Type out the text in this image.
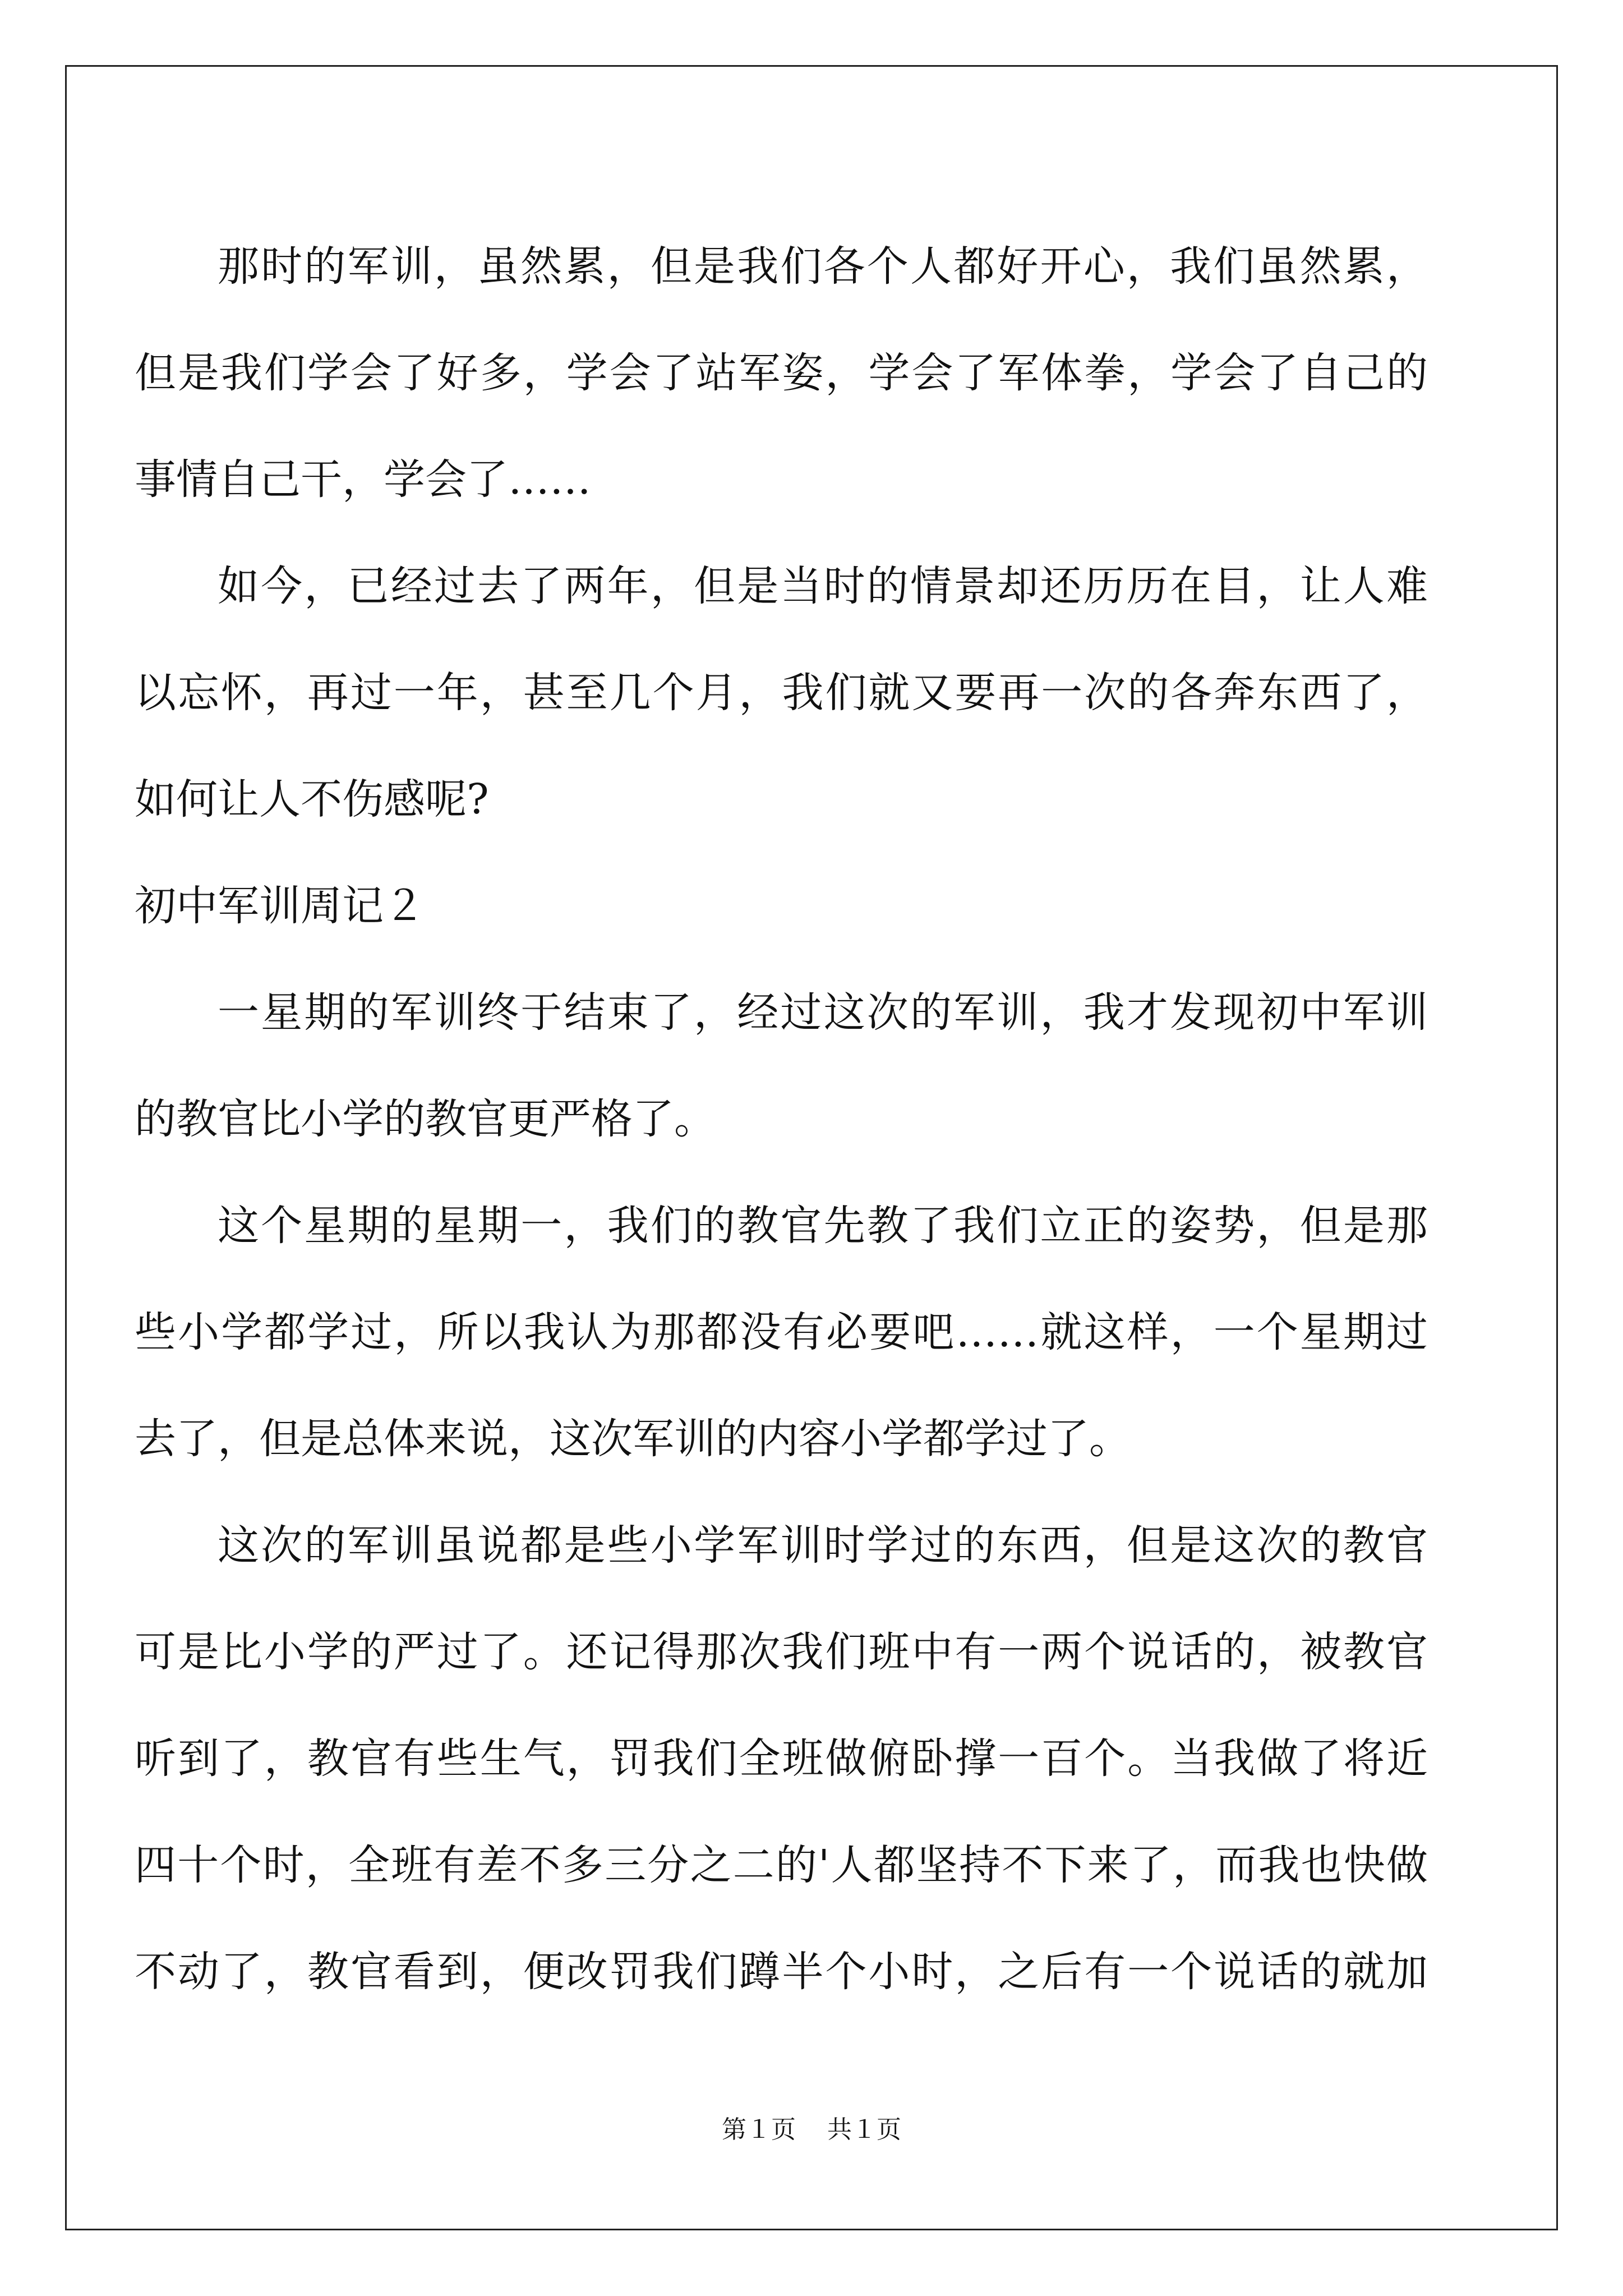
那时的军训，虽然累，但是我们各个人都好开心，我们虽然累，
但是我们学会了好多，学会了站军姿，学会了军体拳，学会了自己的
事情自己干，学会了……
如今，已经过去了两年，但是当时的情景却还历历在目，让人难
以忘怀，再过一年，甚至几个月，我们就又要再一次的各奔东西了，
如何让人不伤感呢?
初中军训周记２
一星期的军训终于结束了，经过这次的军训，我才发现初中军训
的教官比小学的教官更严格了。
这个星期的星期一，我们的教官先教了我们立正的姿势，但是那
些小学都学过，所以我认为那都没有必要吧……就这样，一个星期过
去了，但是总体来说，这次军训的内容小学都学过了。
这次的军训虽说都是些小学军训时学过的东西，但是这次的教官
可是比小学的严过了。还记得那次我们班中有一两个说话的，被教官
听到了，教官有些生气，罚我们全班做俯卧撑一百个。当我做了将近
四十个时，全班有差不多三分之二的'人都坚持不下来了，而我也快做
不动了，教官看到，便改罚我们蹲半个小时，之后有一个说话的就加
第１页 共１页
